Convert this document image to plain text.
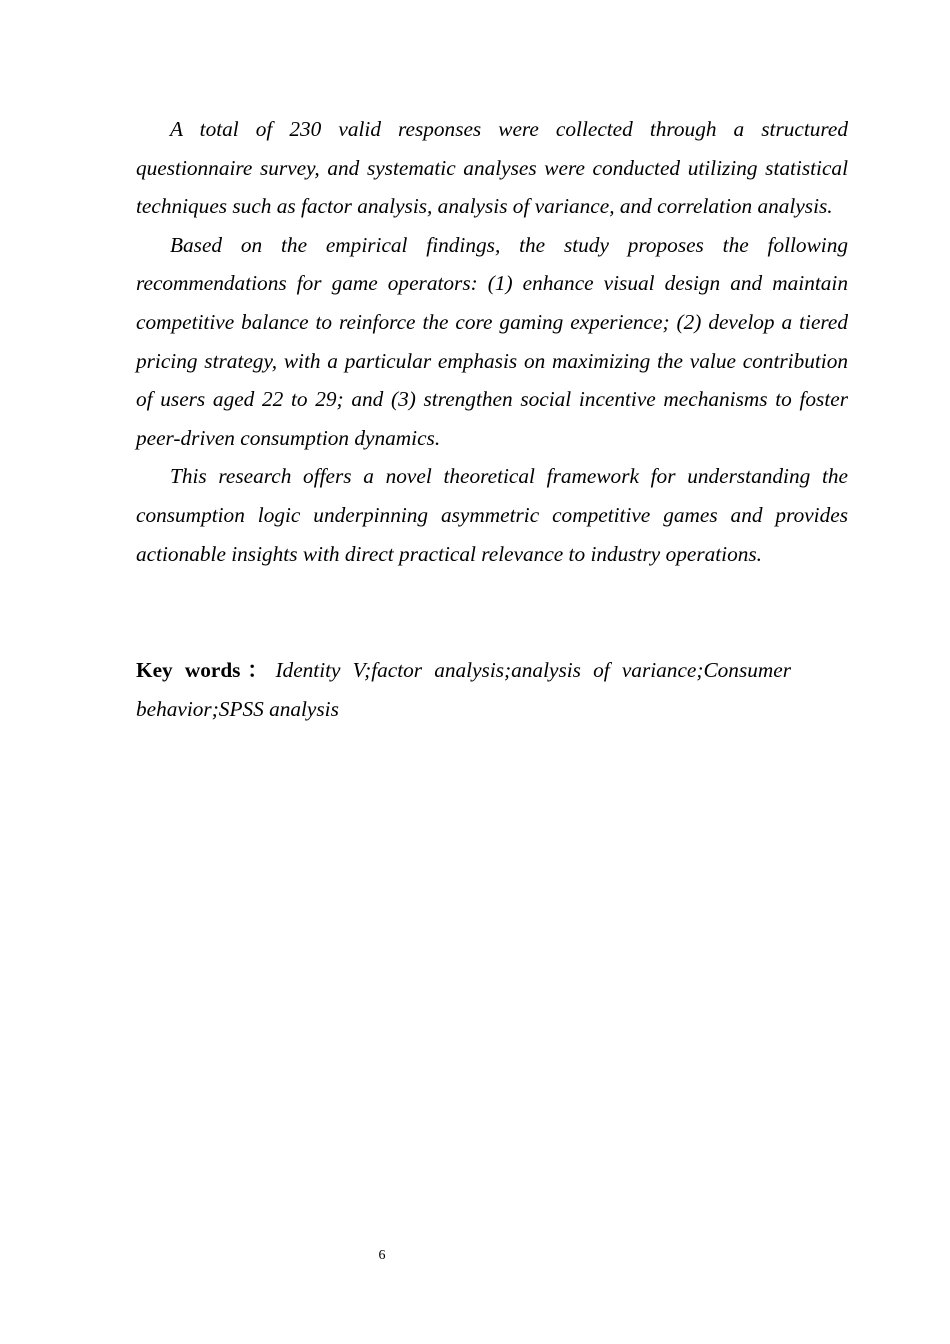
A total of 230 valid responses were collected through a structured questionnaire survey, and systematic analyses were conducted utilizing statistical techniques such as factor analysis, analysis of variance, and correlation analysis.

Based on the empirical findings, the study proposes the following recommendations for game operators: (1) enhance visual design and maintain competitive balance to reinforce the core gaming experience; (2) develop a tiered pricing strategy, with a particular emphasis on maximizing the value contribution of users aged 22 to 29; and (3) strengthen social incentive mechanisms to foster peer-driven consumption dynamics.

This research offers a novel theoretical framework for understanding the consumption logic underpinning asymmetric competitive games and provides actionable insights with direct practical relevance to industry operations.

Key words：Identity V;factor analysis;analysis of variance;Consumer behavior;SPSS analysis

6
